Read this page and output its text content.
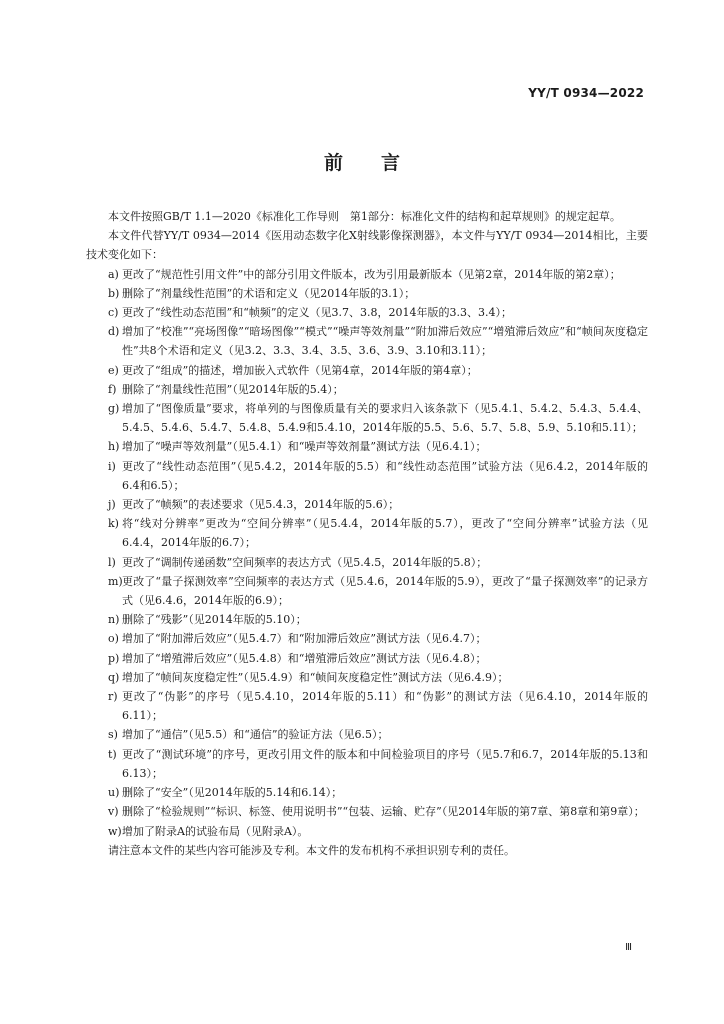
YY/T 0934—2022
前言

本文件按照GB/T 1.1—2020《标准化工作导则　第1部分：标准化文件的结构和起草规则》的规定起草。

本文件代替YY/T 0934—2014《医用动态数字化X射线影像探测器》，本文件与YY/T 0934—2014相比，主要技术变化如下：

a) 更改了“规范性引用文件”中的部分引用文件版本，改为引用最新版本（见第2章，2014年版的第2章）；
b) 删除了“剂量线性范围”的术语和定义（见2014年版的3.1）；
c) 更改了“线性动态范围”和“帧频”的定义（见3.7、3.8，2014年版的3.3、3.4）；
d) 增加了“校准”“亮场图像”“暗场图像”“模式”“噪声等效剂量”“附加滞后效应”“增殖滞后效应”和“帧间灰度稳定性”共8个术语和定义（见3.2、3.3、3.4、3.5、3.6、3.9、3.10和3.11）；
e) 更改了“组成”的描述，增加嵌入式软件（见第4章，2014年版的第4章）；
f) 删除了“剂量线性范围”（见2014年版的5.4）；
g) 增加了“图像质量”要求，将单列的与图像质量有关的要求归入该条款下（见5.4.1、5.4.2、5.4.3、5.4.4、5.4.5、5.4.6、5.4.7、5.4.8、5.4.9和5.4.10，2014年版的5.5、5.6、5.7、5.8、5.9、5.10和5.11）；
h) 增加了“噪声等效剂量”（见5.4.1）和“噪声等效剂量”测试方法（见6.4.1）；
i) 更改了“线性动态范围”（见5.4.2，2014年版的5.5）和“线性动态范围”试验方法（见6.4.2，2014年版的6.4和6.5）；
j) 更改了“帧频”的表述要求（见5.4.3，2014年版的5.6）；
k) 将“线对分辨率”更改为“空间分辨率”（见5.4.4，2014年版的5.7），更改了“空间分辨率”试验方法（见6.4.4，2014年版的6.7）；
l) 更改了“调制传递函数”空间频率的表达方式（见5.4.5，2014年版的5.8）；
m) 更改了“量子探测效率”空间频率的表达方式（见5.4.6，2014年版的5.9），更改了“量子探测效率”的记录方式（见6.4.6，2014年版的6.9）；
n) 删除了“残影”（见2014年版的5.10）；
o) 增加了“附加滞后效应”（见5.4.7）和“附加滞后效应”测试方法（见6.4.7）；
p) 增加了“增殖滞后效应”（见5.4.8）和“增殖滞后效应”测试方法（见6.4.8）；
q) 增加了“帧间灰度稳定性”（见5.4.9）和“帧间灰度稳定性”测试方法（见6.4.9）；
r) 更改了“伪影”的序号（见5.4.10，2014年版的5.11）和“伪影”的测试方法（见6.4.10，2014年版的6.11）；
s) 增加了“通信”（见5.5）和“通信”的验证方法（见6.5）；
t) 更改了“测试环境”的序号，更改引用文件的版本和中间检验项目的序号（见5.7和6.7，2014年版的5.13和6.13）；
u) 删除了“安全”（见2014年版的5.14和6.14）；
v) 删除了“检验规则”“标识、标签、使用说明书”“包装、运输、贮存”（见2014年版的第7章、第8章和第9章）；
w) 增加了附录A的试验布局（见附录A）。

请注意本文件的某些内容可能涉及专利。本文件的发布机构不承担识别专利的责任。

Ⅲ
